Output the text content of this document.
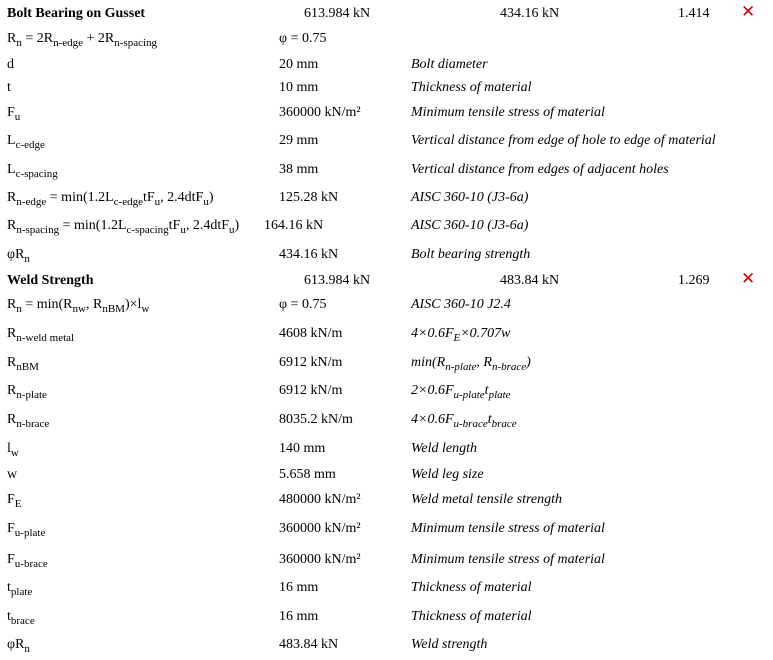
Bolt Bearing on Gusset	613.984 kN	434.16 kN	1.414 ✕
$R_n = 2R_{n-edge} + 2R_{n-spacing}$	φ = 0.75
d	20 mm	Bolt diameter
t	10 mm	Thickness of material
$F_u$	360000 kN/m²	Minimum tensile stress of material
$L_{c-edge}$	29 mm	Vertical distance from edge of hole to edge of material
$L_{c-spacing}$	38 mm	Vertical distance from edges of adjacent holes
$R_{n-edge} = \min(1.2L_{c-edge}tF_u$, 2.4dtF$_u$)	125.28 kN	AISC 360-10 (J3-6a)
$R_{n-spacing} = \min(1.2L_{c-spacing}tF_u$, 2.4dtF$_u$) 164.16 kN	AISC 360-10 (J3-6a)
$\varphi R_n$	434.16 kN	Bolt bearing strength
Weld Strength	613.984 kN	483.84 kN	1.269 ✕
$R_n = \min(R_{nw}$, $R_{nBM})\times l_w$	φ = 0.75	AISC 360-10 J2.4
$R_{n-weld metal}$	4608 kN/m	$4\times 0.6F_E\times 0.707w$
$R_{nBM}$	6912 kN/m	$\min(R_{n-plate}$, $R_{n-brace}$)
$R_{n-plate}$	6912 kN/m	$2\times 0.6F_{u-plate}t_{plate}$
$R_{n-brace}$	8035.2 kN/m	$4\times 0.6F_{u-brace}t_{brace}$
$l_w$	140 mm	Weld length
w	5.658 mm	Weld leg size
$F_E$	480000 kN/m²	Weld metal tensile strength
$F_{u-plate}$	360000 kN/m²	Minimum tensile stress of material
$F_{u-brace}$	360000 kN/m²	Minimum tensile stress of material
$t_{plate}$	16 mm	Thickness of material
$t_{brace}$	16 mm	Thickness of material
$\varphi R_n$	483.84 kN	Weld strength
